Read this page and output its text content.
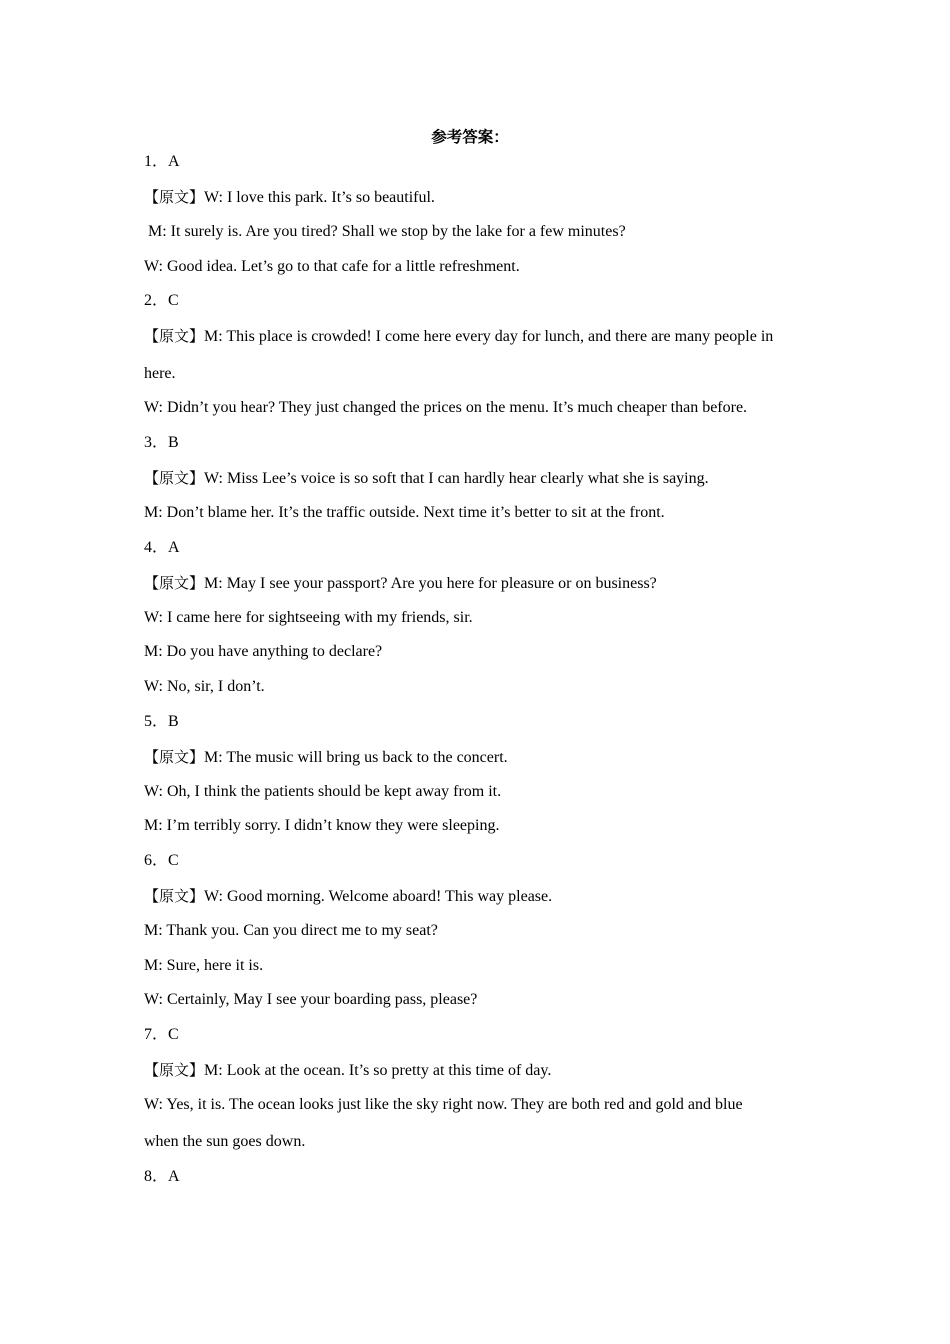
参考答案：

1．A

【原文】W: I love this park. It’s so beautiful.

M: It surely is. Are you tired? Shall we stop by the lake for a few minutes?

W: Good idea. Let’s go to that cafe for a little refreshment.

2．C

【原文】M: This place is crowded! I come here every day for lunch, and there are many people in

here.

W: Didn’t you hear? They just changed the prices on the menu. It’s much cheaper than before.

3．B

【原文】W: Miss Lee’s voice is so soft that I can hardly hear clearly what she is saying.

M: Don’t blame her. It’s the traffic outside. Next time it’s better to sit at the front.

4．A

【原文】M: May I see your passport? Are you here for pleasure or on business?

W: I came here for sightseeing with my friends, sir.

M: Do you have anything to declare?

W: No, sir, I don’t.

5．B

【原文】M: The music will bring us back to the concert.

W: Oh, I think the patients should be kept away from it.

M: I’m terribly sorry. I didn’t know they were sleeping.

6．C

【原文】W: Good morning. Welcome aboard! This way please.

M: Thank you. Can you direct me to my seat?

M: Sure, here it is.

W: Certainly, May I see your boarding pass, please?

7．C

【原文】M: Look at the ocean. It’s so pretty at this time of day.

W: Yes, it is. The ocean looks just like the sky right now. They are both red and gold and blue

when the sun goes down.

8．A
